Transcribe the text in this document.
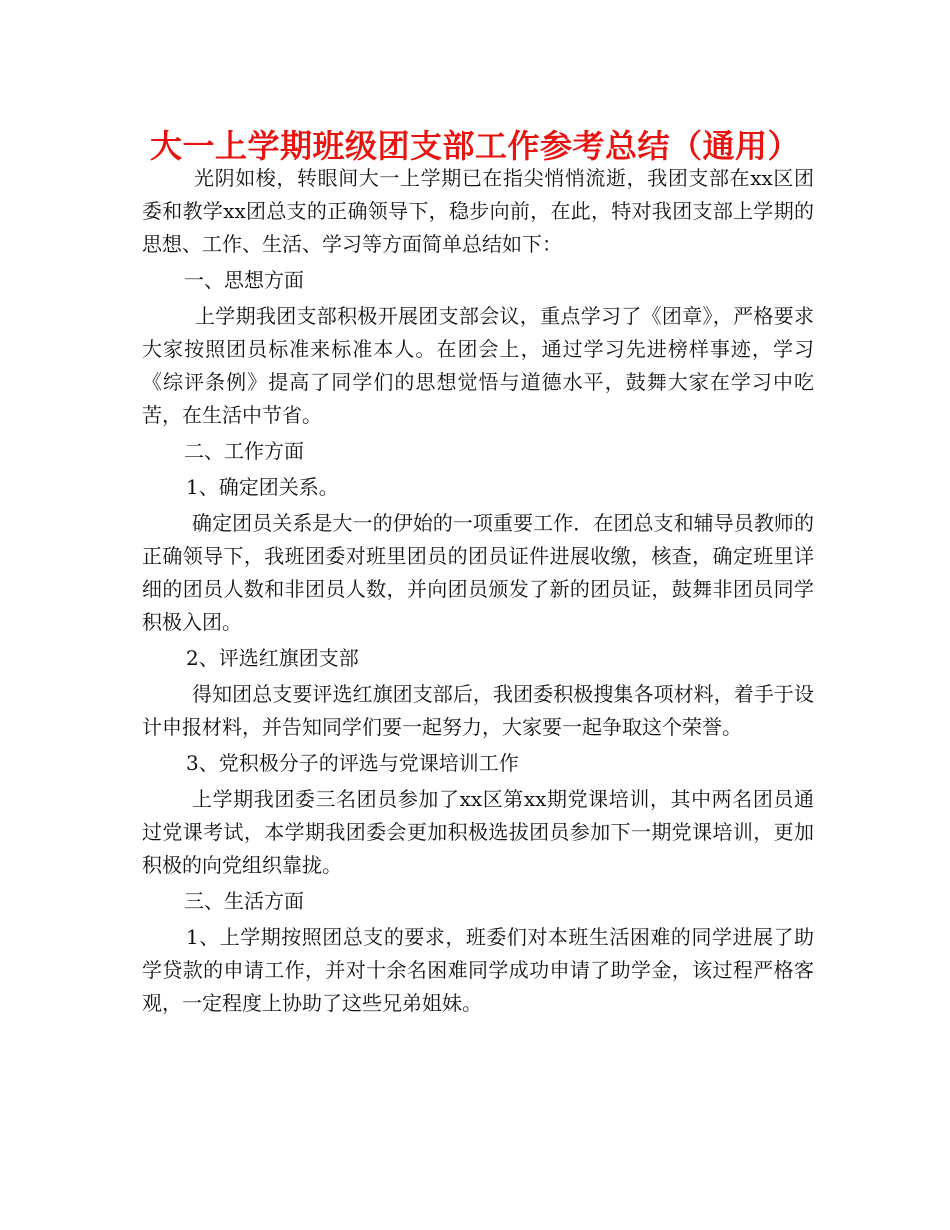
大一上学期班级团支部工作参考总结（通用）

光阴如梭，转眼间大一上学期已在指尖悄悄流逝，我团支部在xx区团委和教学xx团总支的正确领导下，稳步向前，在此，特对我团支部上学期的思想、工作、生活、学习等方面简单总结如下：

一、思想方面

上学期我团支部积极开展团支部会议，重点学习了《团章》，严格要求大家按照团员标准来标准本人。在团会上，通过学习先进榜样事迹，学习《综评条例》提高了同学们的思想觉悟与道德水平，鼓舞大家在学习中吃苦，在生活中节省。

二、工作方面

1、确定团关系。

确定团员关系是大一的伊始的一项重要工作．在团总支和辅导员教师的正确领导下，我班团委对班里团员的团员证件进展收缴，核查，确定班里详细的团员人数和非团员人数，并向团员颁发了新的团员证，鼓舞非团员同学积极入团。

2、评选红旗团支部

得知团总支要评选红旗团支部后，我团委积极搜集各项材料，着手于设计申报材料，并告知同学们要一起努力，大家要一起争取这个荣誉。

3、党积极分子的评选与党课培训工作

上学期我团委三名团员参加了xx区第xx期党课培训，其中两名团员通过党课考试，本学期我团委会更加积极选拔团员参加下一期党课培训，更加积极的向党组织靠拢。

三、生活方面

1、上学期按照团总支的要求，班委们对本班生活困难的同学进展了助学贷款的申请工作，并对十余名困难同学成功申请了助学金，该过程严格客观，一定程度上协助了这些兄弟姐妹。
